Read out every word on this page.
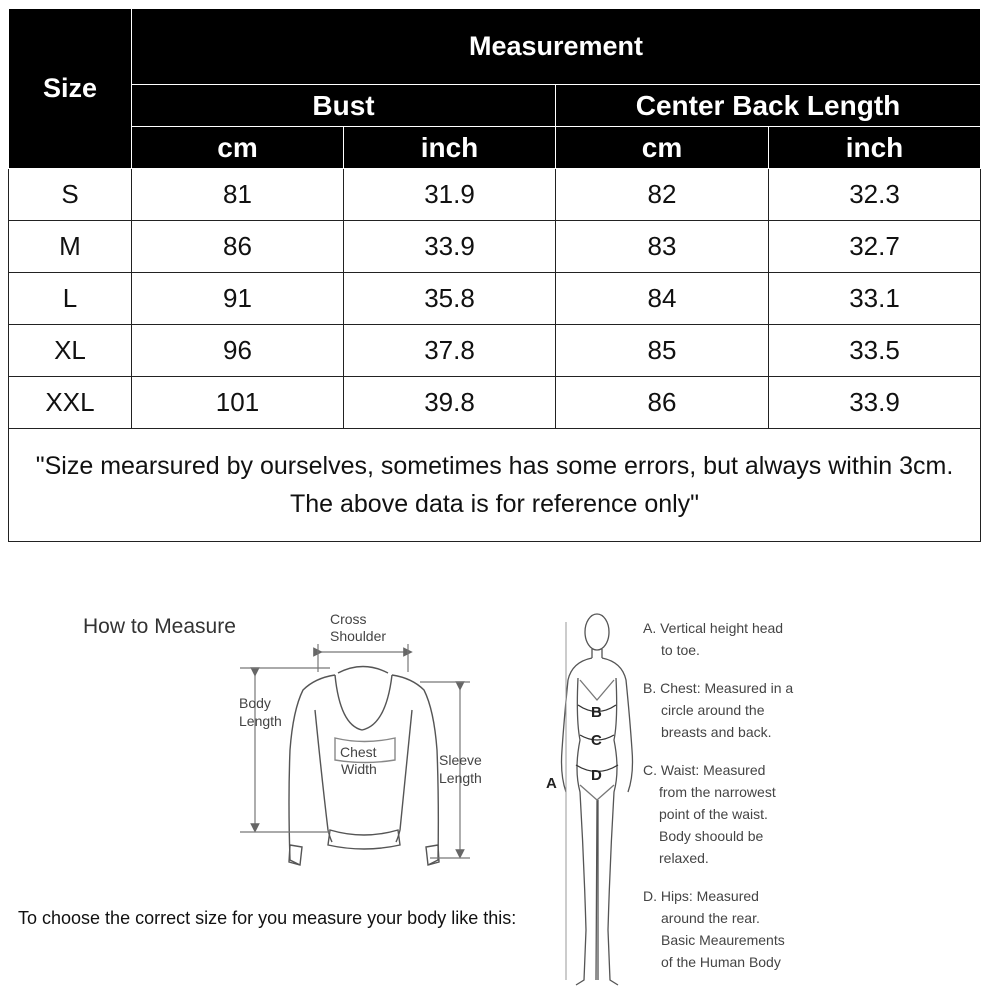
Size	Measurement			
	Bust		Center Back Length	
	cm	inch	cm	inch
S	81	31.9	82	32.3
M	86	33.9	83	32.7
L	91	35.8	84	33.1
XL	96	37.8	85	33.5
XXL	101	39.8	86	33.9

"Size mearsured by ourselves, sometimes has some errors, but always within 3cm.
The above data is for reference only"				
How to Measure	Cross
Shoulder
Body
Length
Chest
Width
Sleeve
Length
B
C
D
A
A. Vertical height head
to toe.
B. Chest: Measured in a
circle around the
breasts and back.
C. Waist: Measured
from the narrowest
point of the waist.
Body shoould be
relaxed.
D. Hips: Measured
around the rear.
Basic Meaurements
of the Human Body
To choose the correct size for you measure your body like this:
